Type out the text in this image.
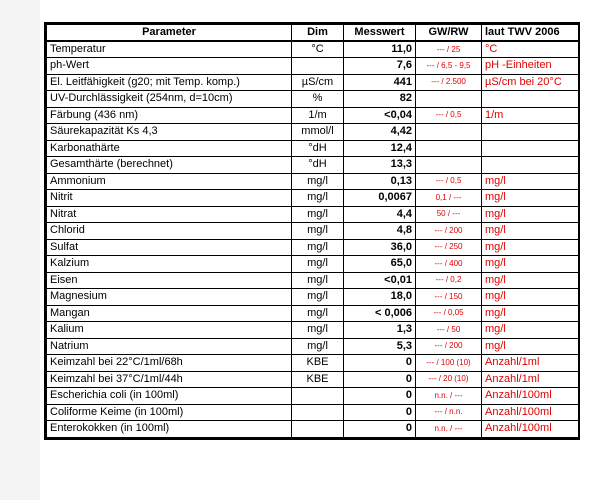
Parameter	Dim	Messwert	GW/RW	laut TWV 2006
Temperatur	°C	11,0	--- / 25	°C
ph-Wert		7,6	--- / 6,5 - 9,5	pH -Einheiten
El. Leitfähigkeit (g20; mit Temp. komp.)	µS/cm	441	--- / 2.500	µS/cm bei 20°C
UV-Durchlässigkeit (254nm, d=10cm)	%	82		
Färbung (436 nm)	1/m	<0,04	--- / 0,5	1/m
Säurekapazität Ks 4,3	mmol/l	4,42		
Karbonathärte	°dH	12,4		
Gesamthärte (berechnet)	°dH	13,3		
Ammonium	mg/l	0,13	--- / 0,5	mg/l
Nitrit	mg/l	0,0067	0,1 / ---	mg/l
Nitrat	mg/l	4,4	50 / ---	mg/l
Chlorid	mg/l	4,8	--- / 200	mg/l
Sulfat	mg/l	36,0	--- / 250	mg/l
Kalzium	mg/l	65,0	--- / 400	mg/l
Eisen	mg/l	<0,01	--- / 0,2	mg/l
Magnesium	mg/l	18,0	--- / 150	mg/l
Mangan	mg/l	< 0,006	--- / 0,05	mg/l
Kalium	mg/l	1,3	--- / 50	mg/l
Natrium	mg/l	5,3	--- / 200	mg/l
Keimzahl bei 22°C/1ml/68h	KBE	0	--- / 100 (10)	Anzahl/1ml
Keimzahl bei 37°C/1ml/44h	KBE	0	--- / 20 (10)	Anzahl/1ml
Escherichia coli (in 100ml)		0	n.n. / ---	Anzahl/100ml
Coliforme Keime (in 100ml)		0	--- / n.n.	Anzahl/100ml
Enterokokken (in 100ml)		0	n.n. / ---	Anzahl/100ml
